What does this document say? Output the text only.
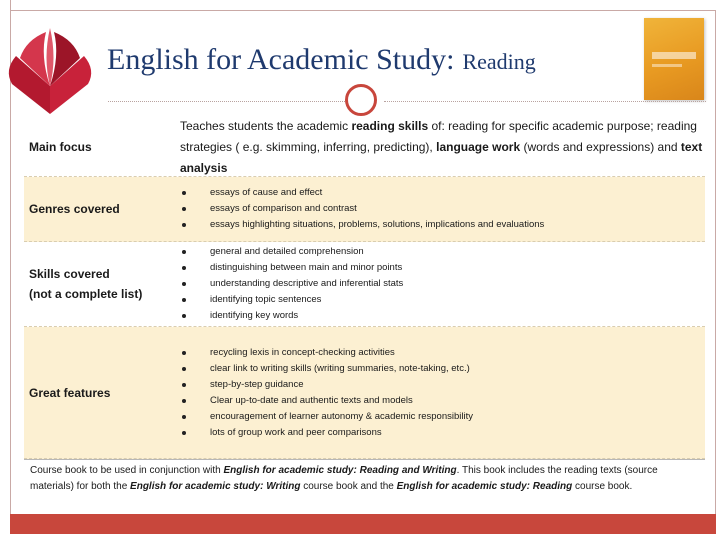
English for Academic Study: Reading
Main focus

Teaches students the academic reading skills of: reading for specific academic purpose; reading strategies ( e.g. skimming, inferring, predicting), language work (words and expressions) and text analysis

Genres covered
essays of cause and effect
essays of comparison and contrast
essays highlighting situations, problems, solutions, implications and evaluations
Skills covered
(not a complete list)
general and detailed comprehension
distinguishing between main and minor points
understanding descriptive and inferential stats
identifying topic sentences
identifying key words
Great features
recycling lexis in concept-checking activities
clear link to writing skills (writing summaries, note-taking, etc.)
step-by-step guidance
Clear up-to-date and authentic texts and models
encouragement of learner autonomy & academic responsibility
lots of group work and peer comparisons
Course book to be used in conjunction with English for academic study: Reading and Writing. This book includes the reading texts (source materials) for both the English for academic study: Writing course book and the English for academic study: Reading course book.
